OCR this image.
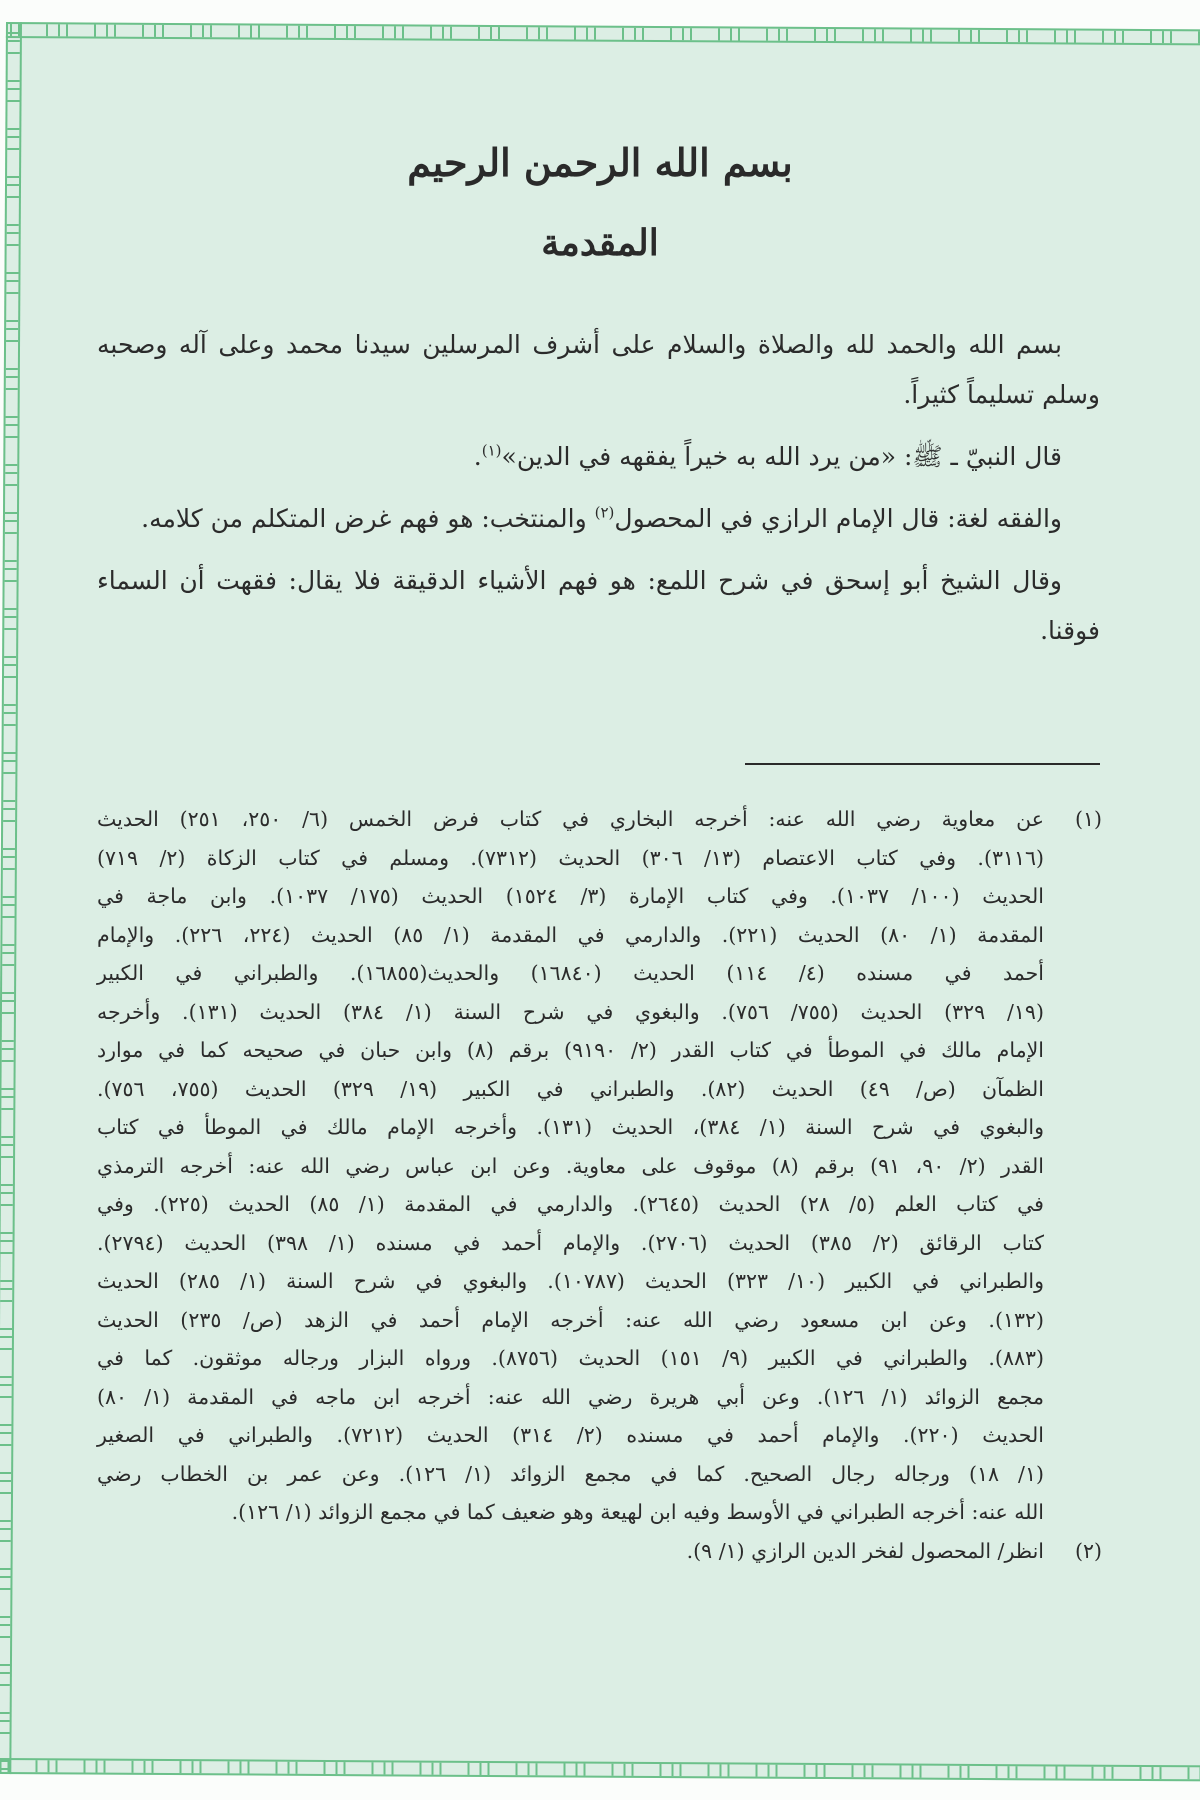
بسم الله الرحمن الرحيم
المقدمة

بسم الله والحمد لله والصلاة والسلام على أشرف المرسلين سيدنا محمد وعلى آله وصحبه وسلم تسليماً كثيراً.

قال النبيّ ـ ﷺ: «من يرد الله به خيراً يفقهه في الدين»$^{(١)}$.

والفقه لغة: قال الإمام الرازي في المحصول$^{(٢)}$ والمنتخب: هو فهم غرض المتكلم من كلامه.

وقال الشيخ أبو إسحق في شرح اللمع: هو فهم الأشياء الدقيقة فلا يقال: فقهت أن السماء فوقنا.

(١)
عن معاوية رضي الله عنه: أخرجه البخاري في كتاب فرض الخمس (٦/ ٢٥٠، ٢٥١) الحديث
(٣١١٦). وفي كتاب الاعتصام (١٣/ ٣٠٦) الحديث (٧٣١٢). ومسلم في كتاب الزكاة (٢/ ٧١٩)
الحديث (١٠٠/ ١٠٣٧). وفي كتاب الإمارة (٣/ ١٥٢٤) الحديث (١٧٥/ ١٠٣٧). وابن ماجة في
المقدمة (١/ ٨٠) الحديث (٢٢١). والدارمي في المقدمة (١/ ٨٥) الحديث (٢٢٤، ٢٢٦). والإمام
أحمد في مسنده (٤/ ١١٤) الحديث (١٦٨٤٠) والحديث(١٦٨٥٥). والطبراني في الكبير
(١٩/ ٣٢٩) الحديث (٧٥٥/ ٧٥٦). والبغوي في شرح السنة (١/ ٣٨٤) الحديث (١٣١). وأخرجه
الإمام مالك في الموطأ في كتاب القدر (٢/ ٩١٩٠) برقم (٨) وابن حبان في صحيحه كما في موارد
الظمآن (ص/ ٤٩) الحديث (٨٢). والطبراني في الكبير (١٩/ ٣٢٩) الحديث (٧٥٥، ٧٥٦).
والبغوي في شرح السنة (١/ ٣٨٤)، الحديث (١٣١). وأخرجه الإمام مالك في الموطأ في كتاب
القدر (٢/ ٩٠، ٩١) برقم (٨) موقوف على معاوية. وعن ابن عباس رضي الله عنه: أخرجه الترمذي
في كتاب العلم (٥/ ٢٨) الحديث (٢٦٤٥). والدارمي في المقدمة (١/ ٨٥) الحديث (٢٢٥). وفي
كتاب الرقائق (٢/ ٣٨٥) الحديث (٢٧٠٦). والإمام أحمد في مسنده (١/ ٣٩٨) الحديث (٢٧٩٤).
والطبراني في الكبير (١٠/ ٣٢٣) الحديث (١٠٧٨٧). والبغوي في شرح السنة (١/ ٢٨٥) الحديث
(١٣٢). وعن ابن مسعود رضي الله عنه: أخرجه الإمام أحمد في الزهد (ص/ ٢٣٥) الحديث
(٨٨٣). والطبراني في الكبير (٩/ ١٥١) الحديث (٨٧٥٦). ورواه البزار ورجاله موثقون. كما في
مجمع الزوائد (١/ ١٢٦). وعن أبي هريرة رضي الله عنه: أخرجه ابن ماجه في المقدمة (١/ ٨٠)
الحديث (٢٢٠). والإمام أحمد في مسنده (٢/ ٣١٤) الحديث (٧٢١٢). والطبراني في الصغير
(١/ ١٨) ورجاله رجال الصحيح. كما في مجمع الزوائد (١/ ١٢٦). وعن عمر بن الخطاب رضي
الله عنه: أخرجه الطبراني في الأوسط وفيه ابن لهيعة وهو ضعيف كما في مجمع الزوائد (١/ ١٢٦).
(٢)
انظر/ المحصول لفخر الدين الرازي (١/ ٩).
